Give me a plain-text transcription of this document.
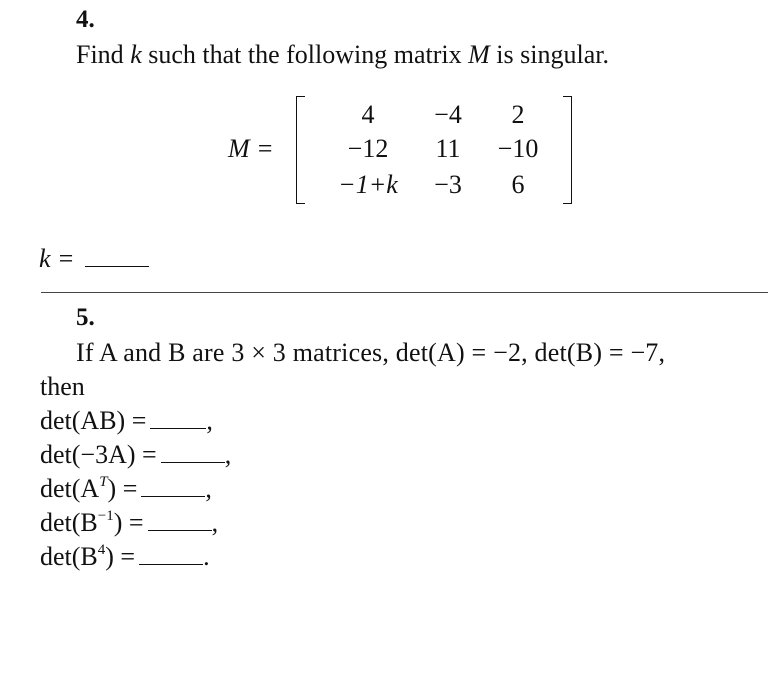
4.
Find k such that the following matrix M is singular.
M =
4	−4	2
−12	11	−10
−1+k	−3	6
k =
5.
If A and B are 3 × 3 matrices, det(A) = −2, det(B) = −7,
then
det(AB) = ,
det(−3A) =	,
$\det(A^T)$ =	,
$\det(B^{-1})$ =	,
$\det(B^4)$ =	.
